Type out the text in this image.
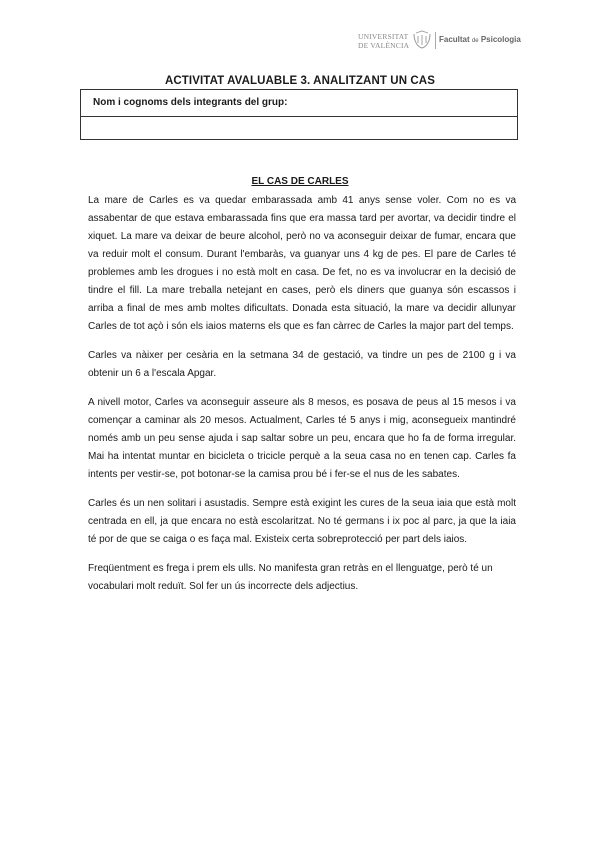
UNIVERSITAT
DE VALÈNCIA
Facultat de Psicologia
ACTIVITAT AVALUABLE 3. ANALITZANT UN CAS
Nom i cognoms dels integrants del grup:
EL CAS DE CARLES

La mare de Carles es va quedar embarassada amb 41 anys sense voler. Com no es va assabentar de que estava embarassada fins que era massa tard per avortar, va decidir tindre el xiquet. La mare va deixar de beure alcohol, però no va aconseguir deixar de fumar, encara que va reduir molt el consum. Durant l'embaràs, va guanyar uns 4 kg de pes. El pare de Carles té problemes amb les drogues i no està molt en casa. De fet, no es va involucrar en la decisió de tindre el fill. La mare treballa netejant en cases, però els diners que guanya són escassos i arriba a final de mes amb moltes dificultats. Donada esta situació, la mare va decidir allunyar Carles de tot açò i són els iaios materns els que es fan càrrec de Carles la major part del temps.

Carles va nàixer per cesària en la setmana 34 de gestació, va tindre un pes de 2100 g i va obtenir un 6 a l'escala Apgar.

A nivell motor, Carles va aconseguir asseure als 8 mesos, es posava de peus al 15 mesos i va començar a caminar als 20 mesos. Actualment, Carles té 5 anys i mig, aconsegueix mantindré només amb un peu sense ajuda i sap saltar sobre un peu, encara que ho fa de forma irregular. Mai ha intentat muntar en bicicleta o tricicle perquè a la seua casa no en tenen cap. Carles fa intents per vestir-se, pot botonar-se la camisa prou bé i fer-se el nus de les sabates.

Carles és un nen solitari i asustadis. Sempre està exigint les cures de la seua iaia que està molt centrada en ell, ja que encara no està escolaritzat. No té germans i ix poc al parc, ja que la iaia té por de que se caiga o es faça mal. Existeix certa sobreprotecció per part dels iaios.

Freqüentment es frega i prem els ulls. No manifesta gran retràs en el llenguatge, però té un vocabulari molt reduït. Sol fer un ús incorrecte dels adjectius.
